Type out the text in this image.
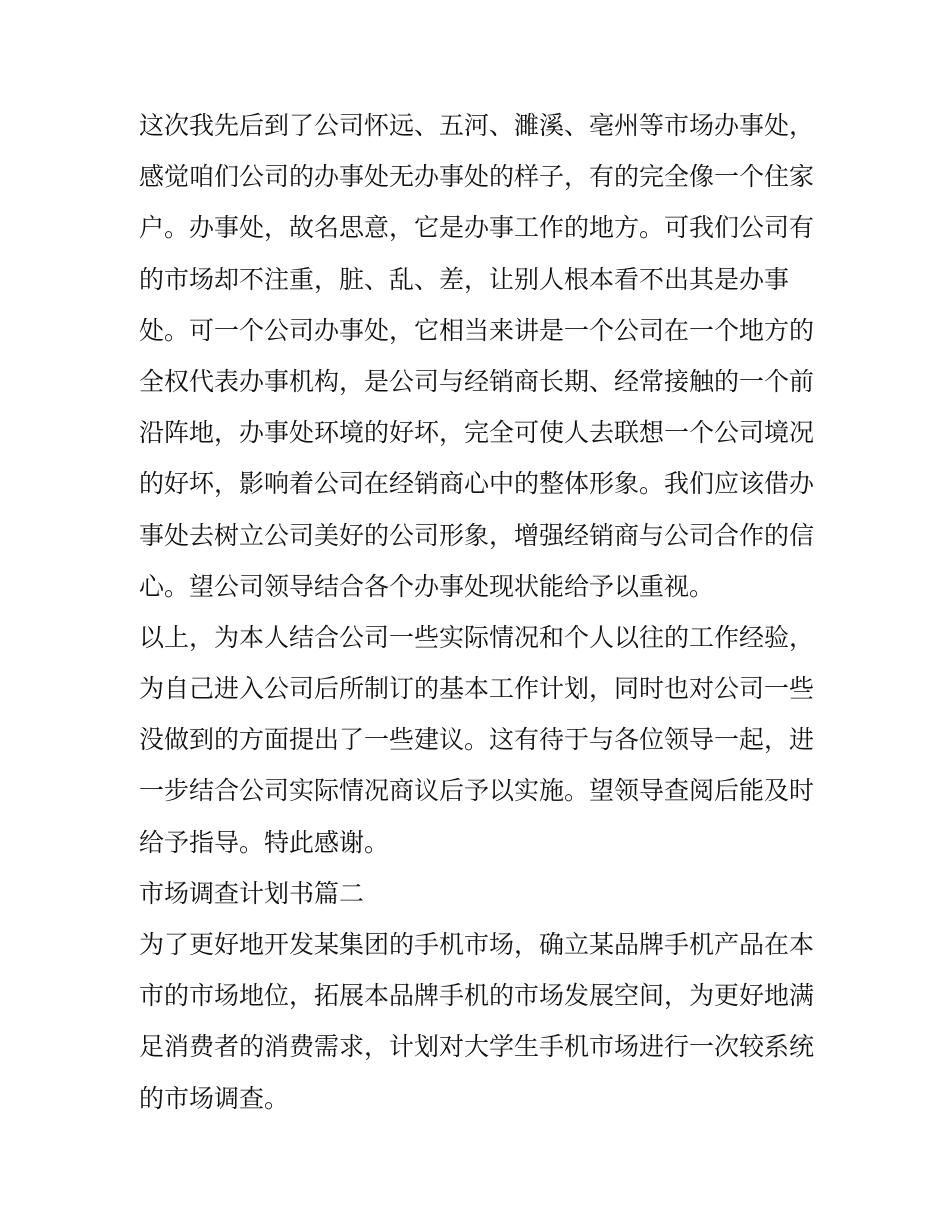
这次我先后到了公司怀远、五河、濉溪、亳州等市场办事处，
感觉咱们公司的办事处无办事处的样子，有的完全像一个住家
户。办事处，故名思意，它是办事工作的地方。可我们公司有
的市场却不注重，脏、乱、差，让别人根本看不出其是办事
处。可一个公司办事处，它相当来讲是一个公司在一个地方的
全权代表办事机构，是公司与经销商长期、经常接触的一个前
沿阵地，办事处环境的好坏，完全可使人去联想一个公司境况
的好坏，影响着公司在经销商心中的整体形象。我们应该借办
事处去树立公司美好的公司形象，增强经销商与公司合作的信
心。望公司领导结合各个办事处现状能给予以重视。
以上，为本人结合公司一些实际情况和个人以往的工作经验，
为自己进入公司后所制订的基本工作计划，同时也对公司一些
没做到的方面提出了一些建议。这有待于与各位领导一起，进
一步结合公司实际情况商议后予以实施。望领导查阅后能及时
给予指导。特此感谢。
市场调查计划书篇二
为了更好地开发某集团的手机市场，确立某品牌手机产品在本
市的市场地位，拓展本品牌手机的市场发展空间，为更好地满
足消费者的消费需求，计划对大学生手机市场进行一次较系统
的市场调查。
